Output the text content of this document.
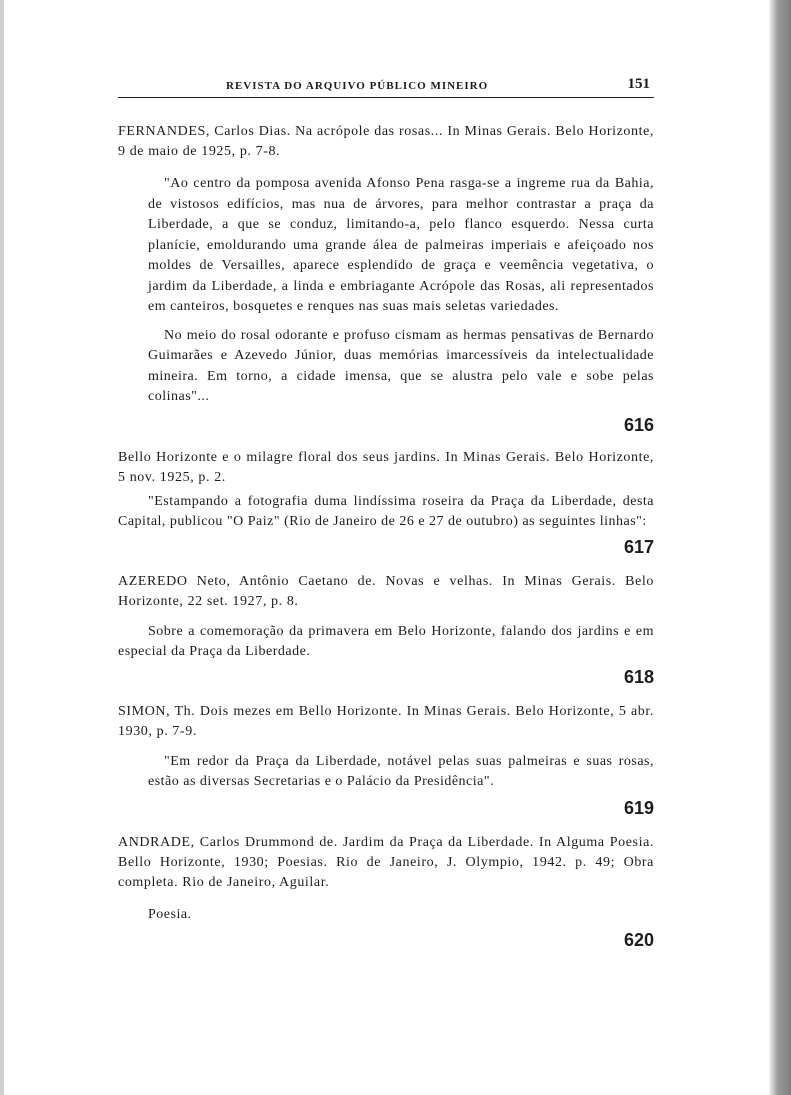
REVISTA DO ARQUIVO PÚBLICO MINEIRO	151

FERNANDES, Carlos Dias. Na acrópole das rosas... In Minas Gerais. Belo Horizonte, 9 de maio de 1925, p. 7-8.

"Ao centro da pomposa avenida Afonso Pena rasga-se a ingreme rua da Bahia, de vistosos edifícios, mas nua de árvores, para melhor contrastar a praça da Liberdade, a que se conduz, limitando-a, pelo flanco esquerdo. Nessa curta planície, emoldurando uma grande álea de palmeiras imperiais e afeiçoado nos moldes de Versailles, aparece esplendido de graça e veemência vegetativa, o jardim da Liberdade, a linda e embriagante Acrópole das Rosas, ali representados em canteiros, bosquetes e renques nas suas mais seletas variedades.

No meio do rosal odorante e profuso cismam as hermas pensativas de Bernardo Guimarães e Azevedo Júnior, duas memórias imarcessíveis da intelectualidade mineira. Em torno, a cidade imensa, que se alustra pelo vale e sobe pelas colinas"...

616

Bello Horizonte e o milagre floral dos seus jardins. In Minas Gerais. Belo Horizonte, 5 nov. 1925, p. 2.

"Estampando a fotografia duma lindíssima roseira da Praça da Liberdade, desta Capital, publicou "O Paiz" (Rio de Janeiro de 26 e 27 de outubro) as seguintes linhas":

617

AZEREDO Neto, Antônio Caetano de. Novas e velhas. In Minas Gerais. Belo Horizonte, 22 set. 1927, p. 8.

Sobre a comemoração da primavera em Belo Horizonte, falando dos jardins e em especial da Praça da Liberdade.

618

SIMON, Th. Dois mezes em Bello Horizonte. In Minas Gerais. Belo Horizonte, 5 abr. 1930, p. 7-9.

"Em redor da Praça da Liberdade, notável pelas suas palmeiras e suas rosas, estão as diversas Secretarias e o Palácio da Presidência".

619

ANDRADE, Carlos Drummond de. Jardim da Praça da Liberdade. In Alguma Poesia. Bello Horizonte, 1930; Poesias. Rio de Janeiro, J. Olympio, 1942. p. 49; Obra completa. Rio de Janeiro, Aguilar.

Poesia.

620
